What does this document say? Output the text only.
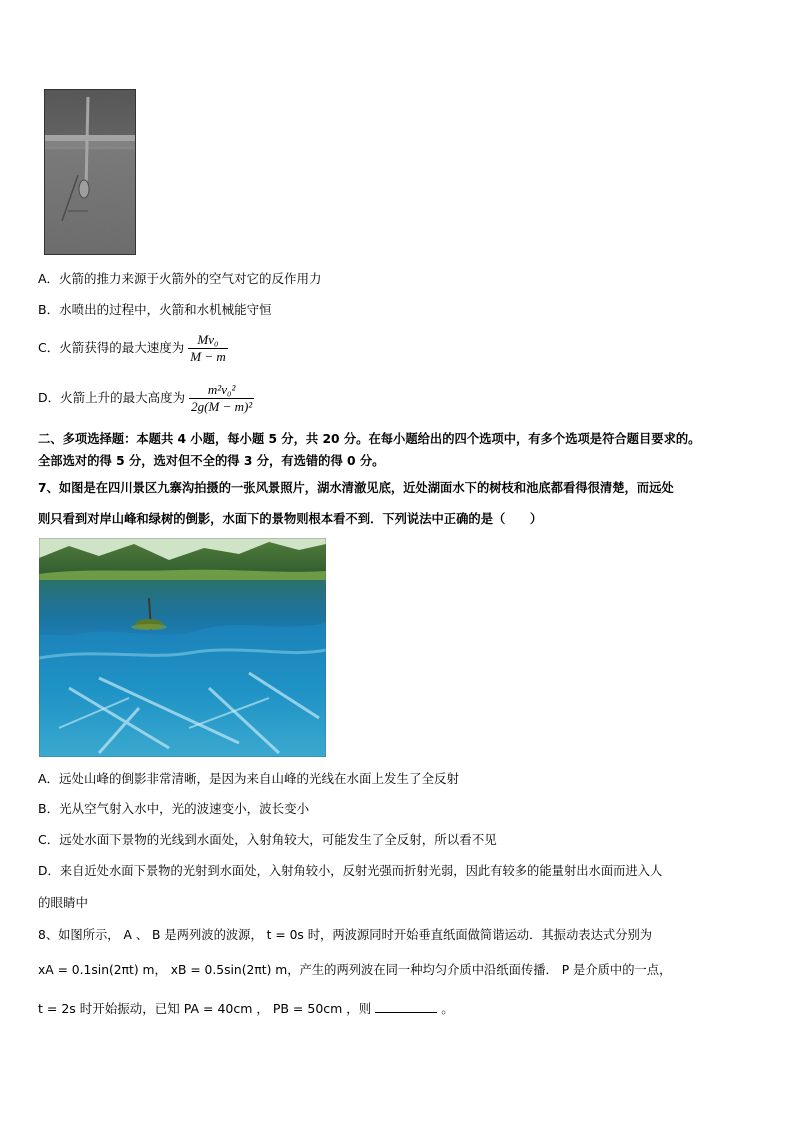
A．火箭的推力来源于火箭外的空气对它的反作用力
B．水喷出的过程中，火箭和水机械能守恒
C．火箭获得的最大速度为 $\frac{\text{Mv₀}}{M - m}$
D．火箭上升的最大高度为 $\frac{\text{m²v₀²}}{\text{2g(M − m)²}}$
二、多项选择题：本题共 4 小题，每小题 5 分，共 20 分。在每小题给出的四个选项中，有多个选项是符合题目要求的。
全部选对的得 5 分，选对但不全的得 3 分，有选错的得 0 分。
7、如图是在四川景区九寨沟拍摄的一张风景照片，湖水清澈见底，近处湖面水下的树枝和池底都看得很清楚，而远处
则只看到对岸山峰和绿树的倒影，水面下的景物则根本看不到．下列说法中正确的是（　　）
A．远处山峰的倒影非常清晰，是因为来自山峰的光线在水面上发生了全反射
B．光从空气射入水中，光的波速变小，波长变小
C．远处水面下景物的光线到水面处，入射角较大，可能发生了全反射，所以看不见
D．来自近处水面下景物的光射到水面处，入射角较小，反射光强而折射光弱，因此有较多的能量射出水面而进入人
的眼睛中
8、如图所示， A 、 B 是两列波的波源， t = 0s 时，两波源同时开始垂直纸面做简谐运动．其振动表达式分别为
xA = 0.1sin(2πt) m， xB = 0.5sin(2πt) m，产生的两列波在同一种均匀介质中沿纸面传播． P 是介质中的一点，
t = 2s 时开始振动，已知 PA = 40cm ， PB = 50cm ，则	。
